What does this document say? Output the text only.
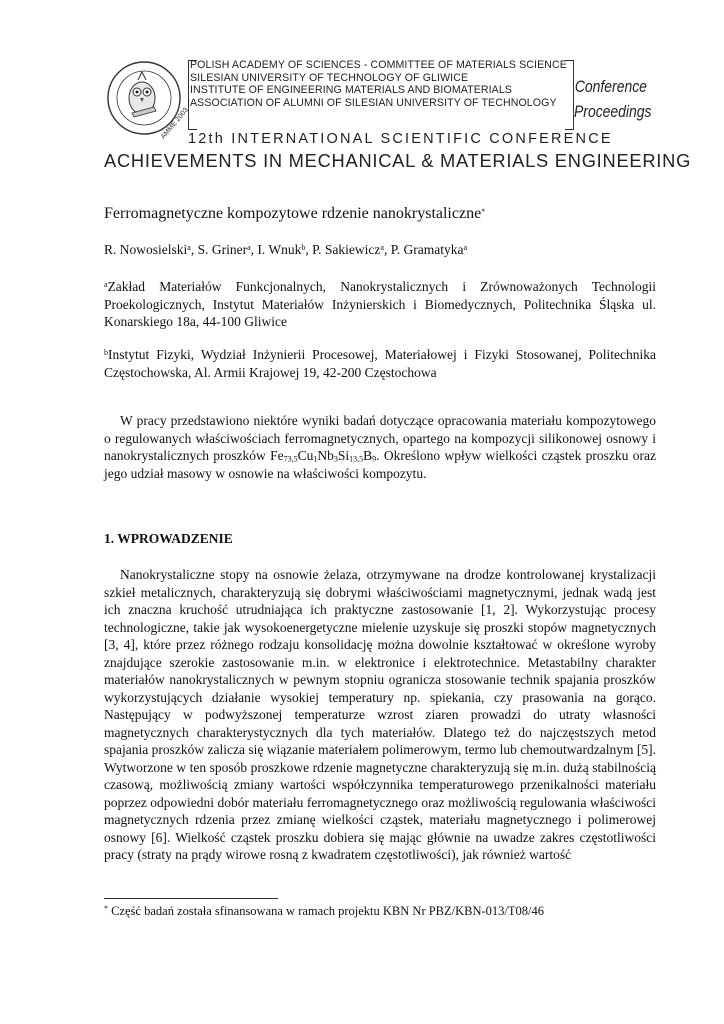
AMME 2003
POLISH ACADEMY OF SCIENCES - COMMITTEE OF MATERIALS SCIENCE
SILESIAN UNIVERSITY OF TECHNOLOGY OF GLIWICE
INSTITUTE OF ENGINEERING MATERIALS AND BIOMATERIALS
ASSOCIATION OF ALUMNI OF SILESIAN UNIVERSITY OF TECHNOLOGY
Conference
Proceedings
12th INTERNATIONAL SCIENTIFIC CONFERENCE
ACHIEVEMENTS IN MECHANICAL & MATERIALS ENGINEERING
Ferromagnetyczne kompozytowe rdzenie nanokrystaliczne*
R. Nowosielski$^a$, S. Griner$^a$, I. Wnuk$^b$, P. Sakiewicz$^a$, P. Gramatyka$^a$
$^a$Zakład Materiałów Funkcjonalnych, Nanokrystalicznych i Zrównoważonych Technologii Proekologicznych, Instytut Materiałów Inżynierskich i Biomedycznych, Politechnika Śląska ul. Konarskiego 18a, 44-100 Gliwice
$^b$Instytut Fizyki, Wydział Inżynierii Procesowej, Materiałowej i Fizyki Stosowanej, Politechnika Częstochowska, Al. Armii Krajowej 19, 42-200 Częstochowa
W pracy przedstawiono niektóre wyniki badań dotyczące opracowania materiału kompozytowego o regulowanych właściwościach ferromagnetycznych, opartego na kompozycji silikonowej osnowy i nanokrystalicznych proszków $Fe_{73,5}Cu_1Nb_3Si_{13,5}B_9$. Określono wpływ wielkości cząstek proszku oraz jego udział masowy w osnowie na właściwości kompozytu.
1. WPROWADZENIE
Nanokrystaliczne stopy na osnowie żelaza, otrzymywane na drodze kontrolowanej krystalizacji szkieł metalicznych, charakteryzują się dobrymi właściwościami magnetycznymi, jednak wadą jest ich znaczna kruchość utrudniająca ich praktyczne zastosowanie [1, 2]. Wykorzystując procesy technologiczne, takie jak wysokoenergetyczne mielenie uzyskuje się proszki stopów magnetycznych [3, 4], które przez różnego rodzaju konsolidację można dowolnie kształtować w określone wyroby znajdujące szerokie zastosowanie m.in. w elektronice i elektrotechnice. Metastabilny charakter materiałów nanokrystalicznych w pewnym stopniu ogranicza stosowanie technik spajania proszków wykorzystujących działanie wysokiej temperatury np. spiekania, czy prasowania na gorąco. Następujący w podwyższonej temperaturze wzrost ziaren prowadzi do utraty własności magnetycznych charakterystycznych dla tych materiałów. Dlatego też do najczęstszych metod spajania proszków zalicza się wiązanie materiałem polimerowym, termo lub chemoutwardzalnym [5]. Wytworzone w ten sposób proszkowe rdzenie magnetyczne charakteryzują się m.in. dużą stabilnością czasową, możliwością zmiany wartości współczynnika temperaturowego przenikalności materiału poprzez odpowiedni dobór materiału ferromagnetycznego oraz możliwością regulowania właściwości magnetycznych rdzenia przez zmianę wielkości cząstek, materiału magnetycznego i polimerowej osnowy [6]. Wielkość cząstek proszku dobiera się mając głównie na uwadze zakres częstotliwości pracy (straty na prądy wirowe rosną z kwadratem częstotliwości), jak również wartość
* Część badań została sfinansowana w ramach projektu KBN Nr PBZ/KBN-013/T08/46
